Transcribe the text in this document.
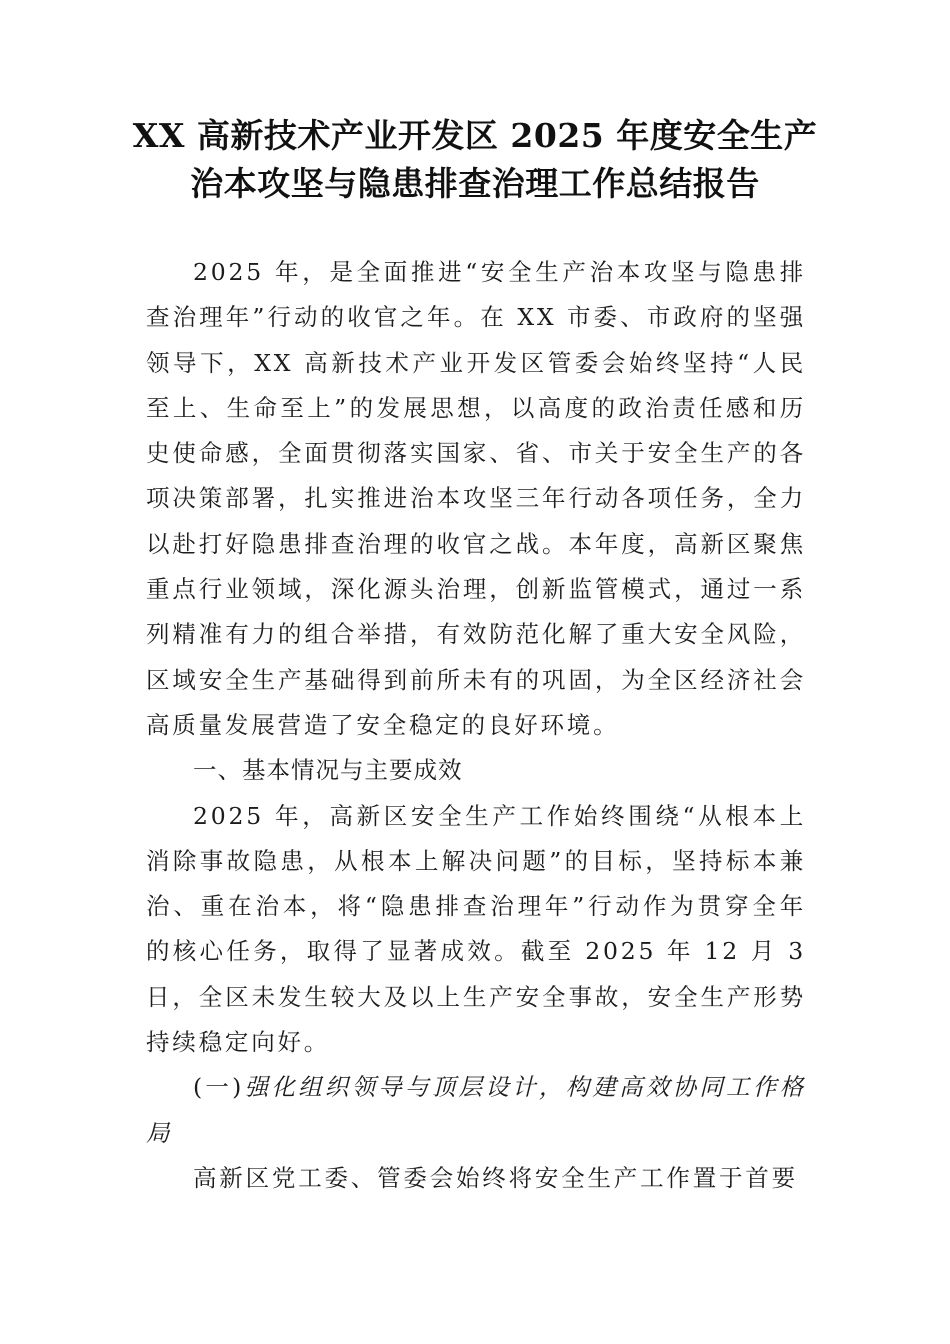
XX 高新技术产业开发区 2025 年度安全生产治本攻坚与隐患排查治理工作总结报告

2025 年，是全面推进“安全生产治本攻坚与隐患排查治理年”行动的收官之年。在 XX 市委、市政府的坚强领导下，XX 高新技术产业开发区管委会始终坚持“人民至上、生命至上”的发展思想，以高度的政治责任感和历史使命感，全面贯彻落实国家、省、市关于安全生产的各项决策部署，扎实推进治本攻坚三年行动各项任务，全力以赴打好隐患排查治理的收官之战。本年度，高新区聚焦重点行业领域，深化源头治理，创新监管模式，通过一系列精准有力的组合举措，有效防范化解了重大安全风险，区域安全生产基础得到前所未有的巩固，为全区经济社会高质量发展营造了安全稳定的良好环境。

一、基本情况与主要成效

2025 年，高新区安全生产工作始终围绕“从根本上消除事故隐患，从根本上解决问题”的目标，坚持标本兼治、重在治本，将“隐患排查治理年”行动作为贯穿全年的核心任务，取得了显著成效。截至 2025 年 12 月 3 日，全区未发生较大及以上生产安全事故，安全生产形势持续稳定向好。

(一)强化组织领导与顶层设计，构建高效协同工作格局

高新区党工委、管委会始终将安全生产工作置于首要
